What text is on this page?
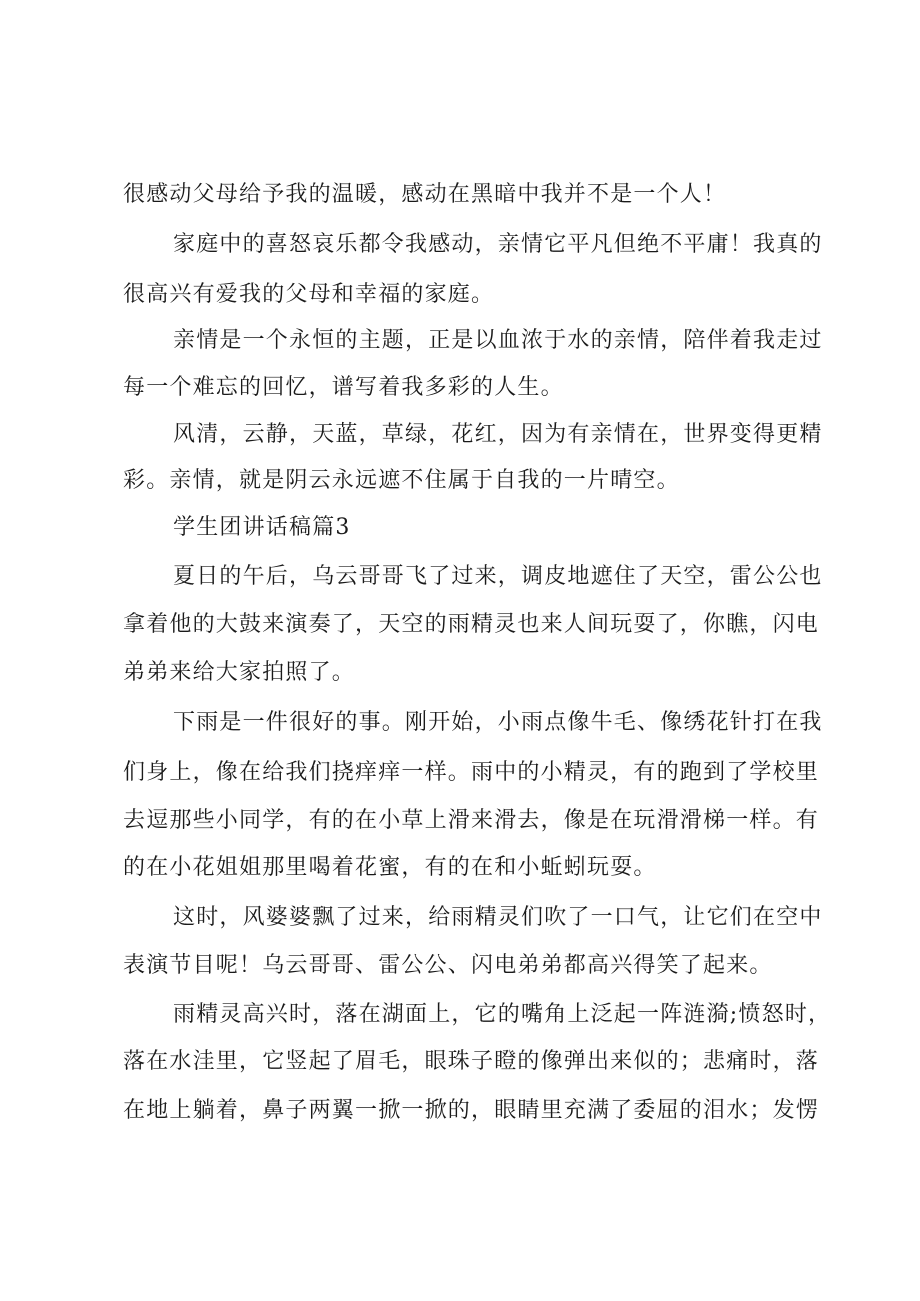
很感动父母给予我的温暖，感动在黑暗中我并不是一个人！
家庭中的喜怒哀乐都令我感动，亲情它平凡但绝不平庸！我真的
很高兴有爱我的父母和幸福的家庭。
亲情是一个永恒的主题，正是以血浓于水的亲情，陪伴着我走过
每一个难忘的回忆，谱写着我多彩的人生。
风清，云静，天蓝，草绿，花红，因为有亲情在，世界变得更精
彩。亲情，就是阴云永远遮不住属于自我的一片晴空。
学生团讲话稿篇3
夏日的午后，乌云哥哥飞了过来，调皮地遮住了天空，雷公公也
拿着他的大鼓来演奏了，天空的雨精灵也来人间玩耍了，你瞧，闪电
弟弟来给大家拍照了。
下雨是一件很好的事。刚开始，小雨点像牛毛、像绣花针打在我
们身上，像在给我们挠痒痒一样。雨中的小精灵，有的跑到了学校里
去逗那些小同学，有的在小草上滑来滑去，像是在玩滑滑梯一样。有
的在小花姐姐那里喝着花蜜，有的在和小蚯蚓玩耍。
这时，风婆婆飘了过来，给雨精灵们吹了一口气，让它们在空中
表演节目呢！乌云哥哥、雷公公、闪电弟弟都高兴得笑了起来。
雨精灵高兴时，落在湖面上，它的嘴角上泛起一阵涟漪;愤怒时，
落在水洼里，它竖起了眉毛，眼珠子瞪的像弹出来似的；悲痛时，落
在地上躺着，鼻子两翼一掀一掀的，眼睛里充满了委屈的泪水；发愣
